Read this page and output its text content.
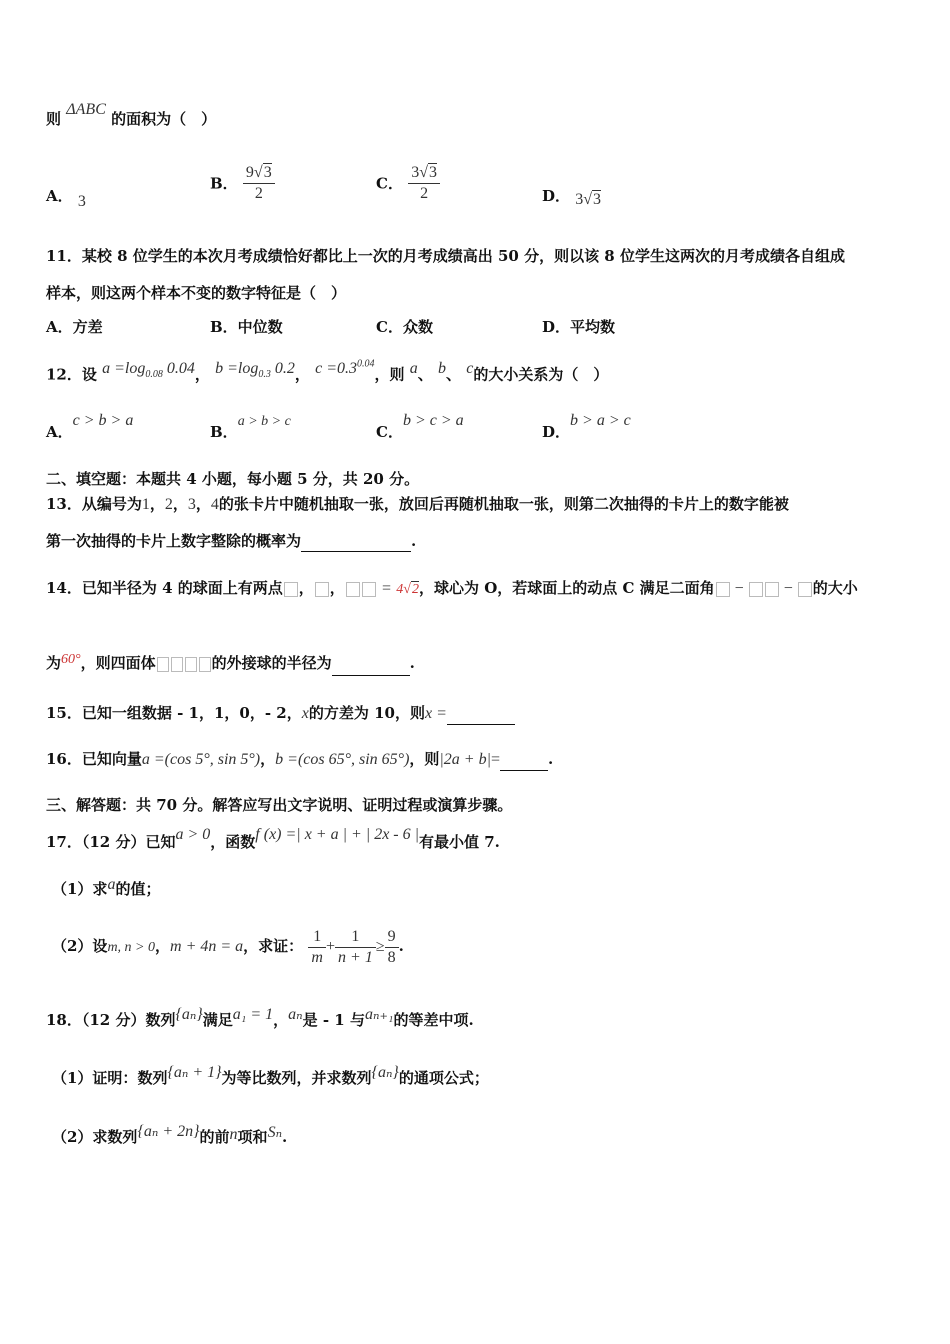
则 ΔABC 的面积为（　）
A． 3
B． $\frac{9√3}{2}$	C． $\frac{3√3}{2}$	D． 3√3
11．某校 8 位学生的本次月考成绩恰好都比上一次的月考成绩高出 50 分，则以该 8 位学生这两次的月考成绩各自组成
样本，则这两个样本不变的数字特征是（　）
A．方差	B．中位数	C．众数	D．平均数
12．设 $a =\log_{0.08}$ 0.04， $b =\log_{0.3}$ 0.2， $c =0.3^{0.04}$，则 a、 b、 c的大小关系为（　）
A．c > b > a
B．a > b > c
C．b > c > a
D．b > a > c
二、填空题：本题共 4 小题，每小题 5 分，共 20 分。
13．从编号为1，2，3，4的张卡片中随机抽取一张，放回后再随机抽取一张，则第二次抽得的卡片上的数字能被
第一次抽得的卡片上数字整除的概率为	.
14．已知半径为 4 的球面上有两点 ， ， = 4√2，球心为 O，若球面上的动点 C 满足二面角 −  − 的大小
为60°，则四面体	的外接球的半径为	.
15．已知一组数据 - 1，1，0，- 2，x的方差为 10，则x =
16．已知向量a =(cos 5°, sin 5°)，b =(cos 65°, sin 65°)，则|2a + b|=	.
三、解答题：共 70 分。解答应写出文字说明、证明过程或演算步骤。
17．（12 分）已知a > 0，函数f (x) =| x + a | + | 2x - 6 |有最小值 7.
（1）求a的值；
（2）设m, n > 0，m + 4n = a，求证： $\frac{1}{m} + \frac{1}{n + 1} \ge \frac{9}{8}$ .
18．（12 分）数列{aₙ}满足a₁ = 1，aₙ是 - 1 与aₙ₊₁的等差中项.
（1）证明：数列{aₙ + 1}为等比数列，并求数列{aₙ}的通项公式；
（2）求数列{aₙ + 2n}的前n项和Sₙ.
